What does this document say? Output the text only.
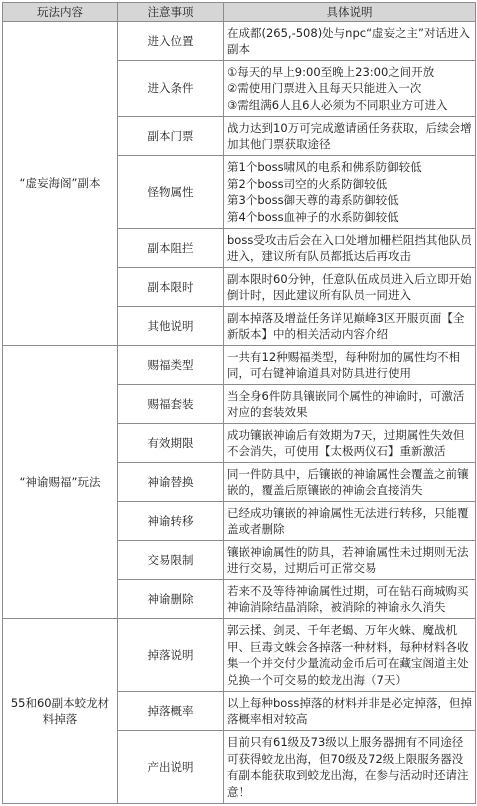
玩法内容	注意事项	具体说明
“虚妄海阁”副本	进入位置	在成都(265,-508)处与npc“虚妄之主”对话进入副本
	进入条件	①每天的早上9:00至晚上23:00之间开放
②需使用门票进入且每天只能进入一次
③需组满6人且6人必须为不同职业方可进入

	副本门票	战力达到10万可完成邀请函任务获取，后续会增加其他门票获取途径
	怪物属性	第1个boss啸风的电系和佛系防御较低
第2个boss司空的火系防御较低
第3个boss御天尊的毒系防御较低
第4个boss血神子的水系防御较低

	副本阻拦	boss受攻击后会在入口处增加栅栏阻挡其他队员进入，建议所有队员都抵达后再攻击
	副本限时	副本限时60分钟，任意队伍成员进入后立即开始倒计时，因此建议所有队员一同进入
	其他说明	副本掉落及增益任务详见巅峰3区开服页面【全新版本】中的相关活动内容介绍
“神谕赐福”玩法	赐福类型	一共有12种赐福类型，每种附加的属性均不相同，可右键神谕道具对防具进行使用
	赐福套装	当全身6件防具镶嵌同个属性的神谕时，可激活对应的套装效果
	有效期限	成功镶嵌神谕后有效期为7天，过期属性失效但不会消失，可使用【太极两仪石】重新激活
	神谕替换	同一件防具中，后镶嵌的神谕属性会覆盖之前镶嵌的，覆盖后原镶嵌的神谕会直接消失
	神谕转移	已经成功镶嵌的神谕属性无法进行转移，只能覆盖或者删除
	交易限制	镶嵌神谕属性的防具，若神谕属性未过期则无法进行交易，过期后可正常交易
	神谕删除	若来不及等待神谕属性过期，可在钻石商城购买神谕消除结晶消除，被消除的神谕永久消失
55和60副本蛟龙材料掉落	掉落说明	郭云揉、剑灵、千年老蝎、万年火蛛、魔战机甲、巨毒文蛛会各掉落一种材料，每种材料各收集一个并交付少量流动金币后可在藏宝阁道主处兑换一个可交易的蛟龙出海（7天）
	掉落概率	以上每种boss掉落的材料并非是必定掉落，但掉落概率相对较高
	产出说明	目前只有61级及73级以上服务器拥有不同途径可获得蛟龙出海，但70级及72级上限服务器没有副本能获取到蛟龙出海，在参与活动时还请注意！
